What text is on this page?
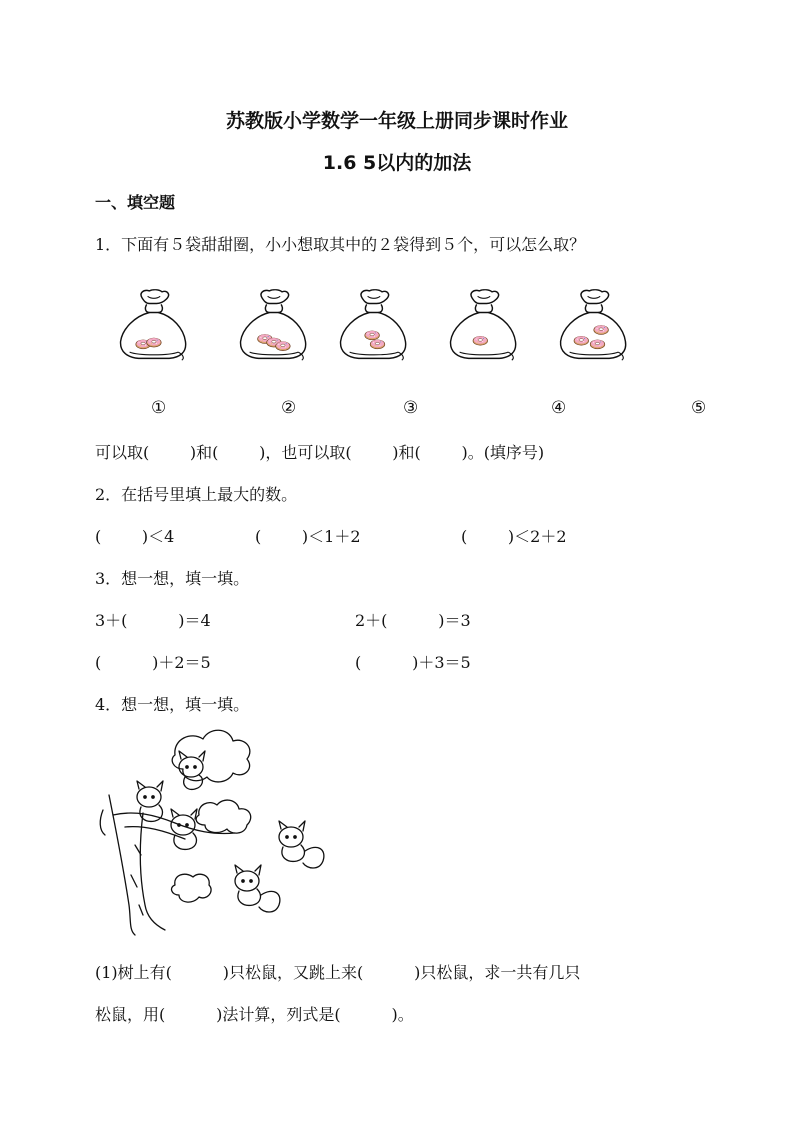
苏教版小学数学一年级上册同步课时作业
1.6 5以内的加法
一、填空题
1．下面有５袋甜甜圈，小小想取其中的２袋得到５个，可以怎么取？
①	②	③	④	⑤
可以取(        )和(        )，也可以取(        )和(        )。(填序号)
2．在括号里填上最大的数。
(        )＜4	(        )＜1＋2	(        )＜2＋2
3．想一想，填一填。
3＋(          )＝4	2＋(          )＝3
(          )＋2＝5	(          )＋3＝5
4．想一想，填一填。
(1)树上有(          )只松鼠，又跳上来(          )只松鼠，求一共有几只
松鼠，用(          )法计算，列式是(          )。
